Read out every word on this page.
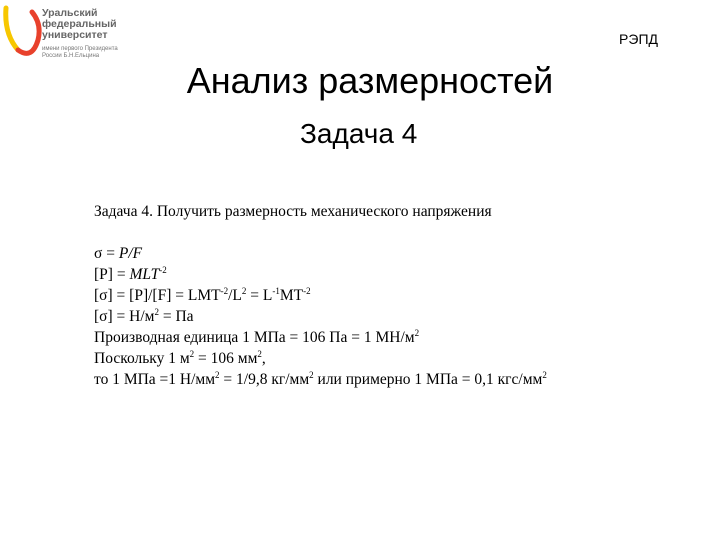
Уральский
федеральный
университет
имени первого Президента
России Б.Н.Ельцина
РЭПД
Анализ размерностей
Задача 4
Задача 4. Получить размерность механического напряжения
σ = P/F
$[P] = MLT^{-2}$
$[\sigma] = [P]/[F] = LMT^{-2}/L^2 = L^{-1}MT^{-2}$
$[\sigma] = Н/м^2$ = Па
Производная единица 1 МПа = 106 Па = 1 $МН/м^2$
Поскольку 1 $м^2 = 106$ $мм^2$,
то 1 МПа =1 $Н/мм^2 = 1/9,8$ $кг/мм^2$ или примерно 1 МПа = 0,1 кгс/$мм^2$
